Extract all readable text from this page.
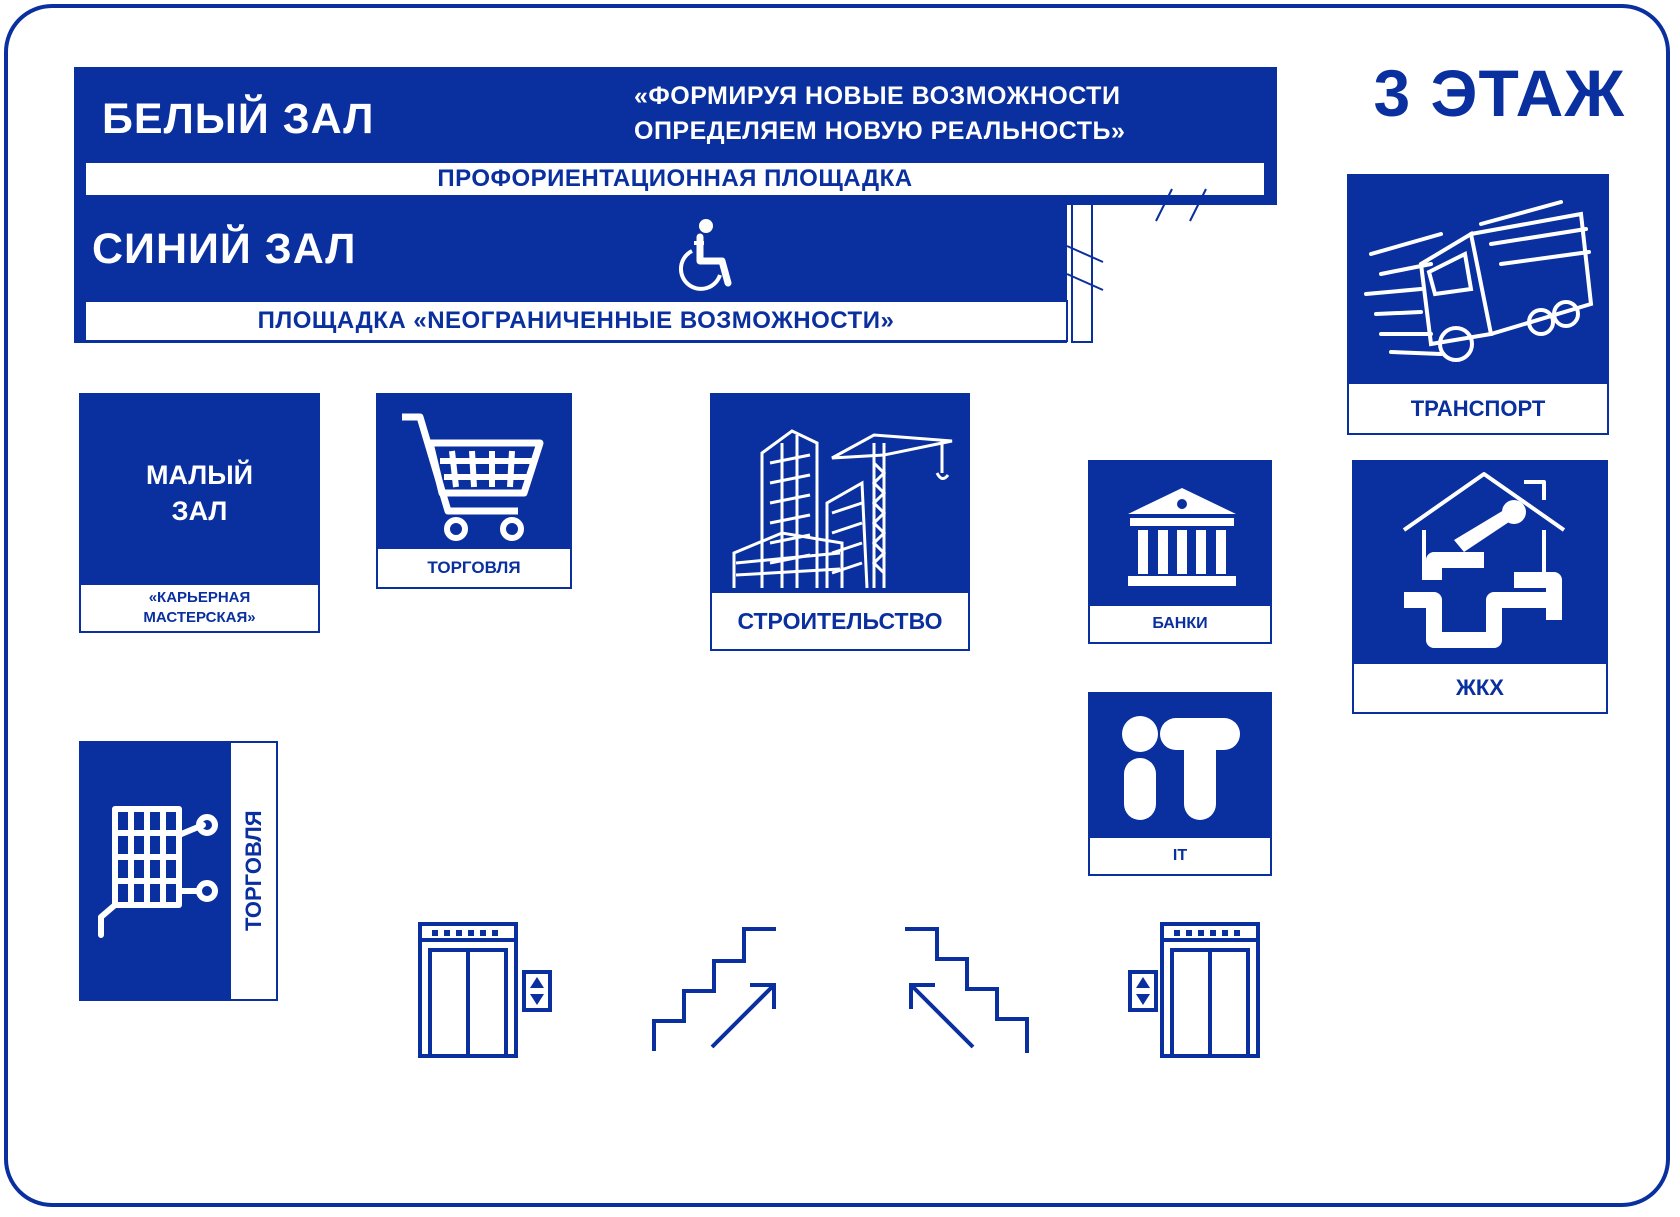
3 ЭТАЖ
БЕЛЫЙ ЗАЛ	«ФОРМИРУЯ НОВЫЕ ВОЗМОЖНОСТИ
ОПРЕДЕЛЯЕМ НОВУЮ РЕАЛЬНОСТЬ»
ПРОФОРИЕНТАЦИОННАЯ ПЛОЩАДКА
СИНИЙ ЗАЛ
ПЛОЩАДКА «NЕОГРАНИЧЕННЫЕ ВОЗМОЖНОСТИ»
МАЛЫЙ
ЗАЛ
«КАРЬЕРНАЯ
МАСТЕРСКАЯ»
ТОРГОВЛЯ
СТРОИТЕЛЬСТВО	БАНКИ
IT
ТРАНСПОРТ
ЖКХ
ТОРГОВЛЯ
